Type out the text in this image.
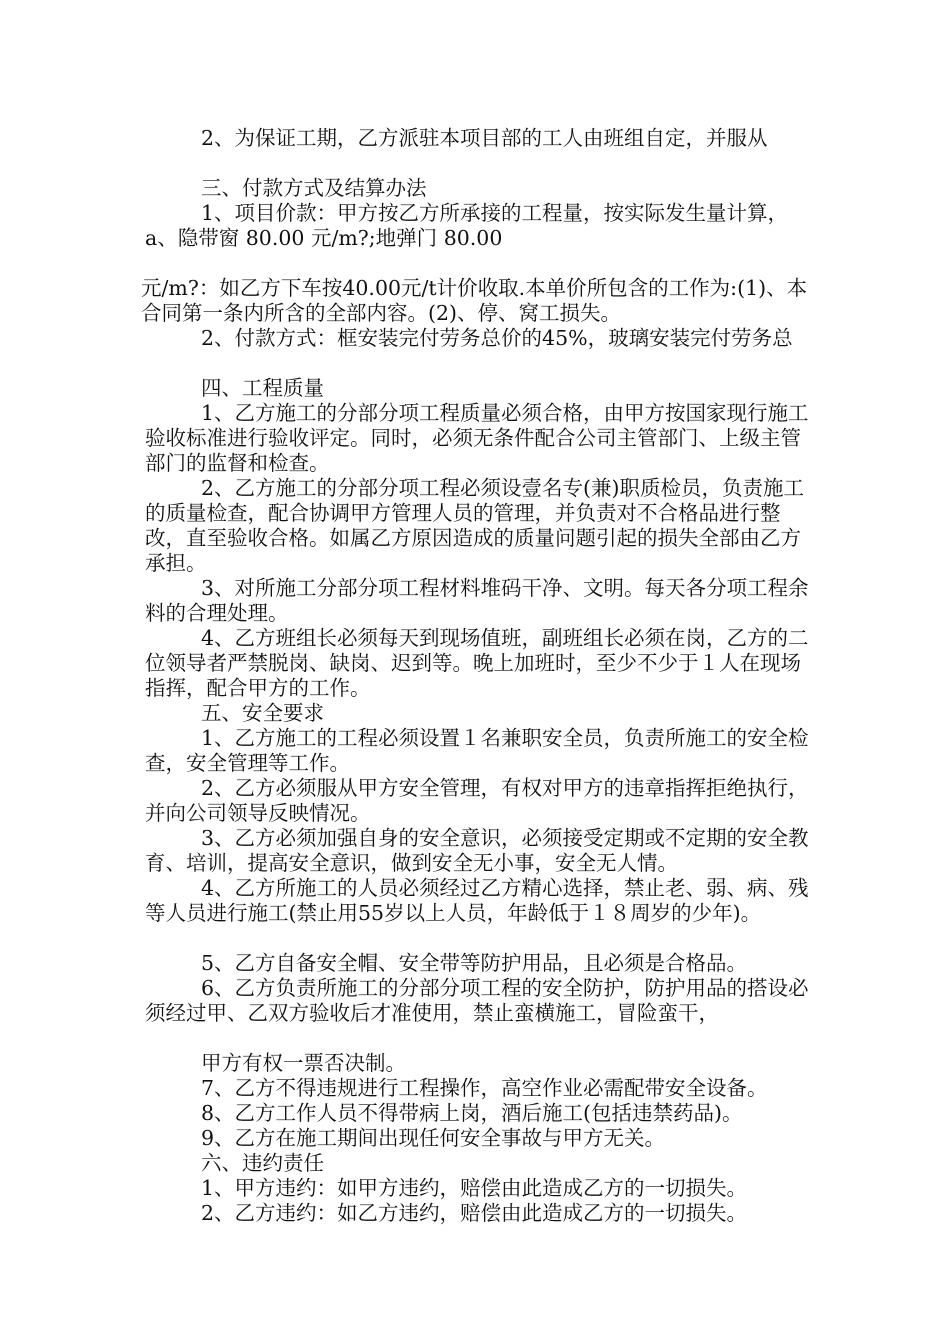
2、为保证工期，乙方派驻本项目部的工人由班组自定，并服从

三、付款方式及结算办法

1、项目价款：甲方按乙方所承接的工程量，按实际发生量计算，a、隐带窗 80.00 元/m?;地弹门 80.00

元/m?：如乙方下车按40.00元/t计价收取.本单价所包含的工作为:(1)、本合同第一条内所含的全部内容。(2)、停、窝工损失。

2、付款方式：框安装完付劳务总价的45%，玻璃安装完付劳务总

四、工程质量

1、乙方施工的分部分项工程质量必须合格，由甲方按国家现行施工验收标准进行验收评定。同时，必须无条件配合公司主管部门、上级主管部门的监督和检查。

2、乙方施工的分部分项工程必须设壹名专(兼)职质检员，负责施工的质量检查，配合协调甲方管理人员的管理，并负责对不合格品进行整改，直至验收合格。如属乙方原因造成的质量问题引起的损失全部由乙方承担。

3、对所施工分部分项工程材料堆码干净、文明。每天各分项工程余料的合理处理。

4、乙方班组长必须每天到现场值班，副班组长必须在岗，乙方的二位领导者严禁脱岗、缺岗、迟到等。晚上加班时，至少不少于１人在现场指挥，配合甲方的工作。

五、安全要求

1、乙方施工的工程必须设置１名兼职安全员，负责所施工的安全检查，安全管理等工作。

2、乙方必须服从甲方安全管理，有权对甲方的违章指挥拒绝执行，并向公司领导反映情况。

3、乙方必须加强自身的安全意识，必须接受定期或不定期的安全教育、培训，提高安全意识，做到安全无小事，安全无人情。

4、乙方所施工的人员必须经过乙方精心选择，禁止老、弱、病、残等人员进行施工(禁止用55岁以上人员，年龄低于１８周岁的少年)。

5、乙方自备安全帽、安全带等防护用品，且必须是合格品。

6、乙方负责所施工的分部分项工程的安全防护，防护用品的搭设必须经过甲、乙双方验收后才准使用，禁止蛮横施工，冒险蛮干，

甲方有权一票否决制。

7、乙方不得违规进行工程操作，高空作业必需配带安全设备。

8、乙方工作人员不得带病上岗，酒后施工(包括违禁药品)。

9、乙方在施工期间出现任何安全事故与甲方无关。

六、违约责任

1、甲方违约：如甲方违约，赔偿由此造成乙方的一切损失。

2、乙方违约：如乙方违约，赔偿由此造成乙方的一切损失。
